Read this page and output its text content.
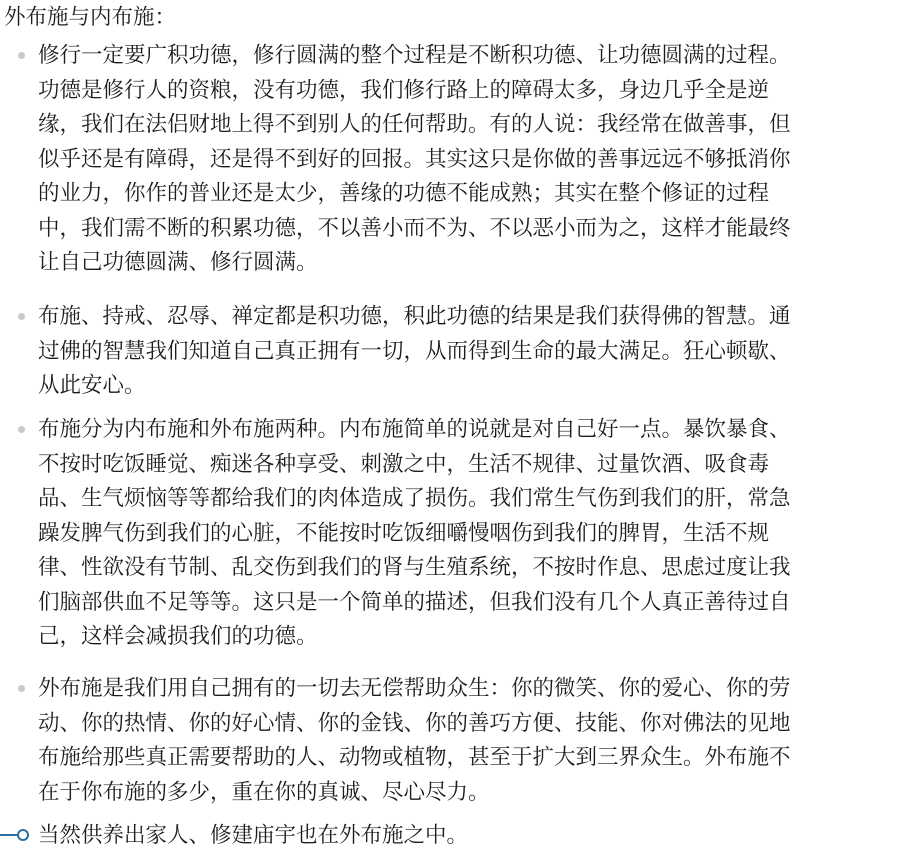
外布施与内布施：
修行一定要广积功德，修行圆满的整个过程是不断积功德、让功德圆满的过程。
功德是修行人的资粮，没有功德，我们修行路上的障碍太多，身边几乎全是逆
缘，我们在法侣财地上得不到别人的任何帮助。有的人说：我经常在做善事，但
似乎还是有障碍，还是得不到好的回报。其实这只是你做的善事远远不够抵消你
的业力，你作的普业还是太少，善缘的功德不能成熟；其实在整个修证的过程
中，我们需不断的积累功德，不以善小而不为、不以恶小而为之，这样才能最终
让自己功德圆满、修行圆满。
布施、持戒、忍辱、禅定都是积功德，积此功德的结果是我们获得佛的智慧。通
过佛的智慧我们知道自己真正拥有一切，从而得到生命的最大满足。狂心顿歇、
从此安心。
布施分为内布施和外布施两种。内布施简单的说就是对自己好一点。暴饮暴食、
不按时吃饭睡觉、痴迷各种享受、刺激之中，生活不规律、过量饮酒、吸食毒
品、生气烦恼等等都给我们的肉体造成了损伤。我们常生气伤到我们的肝，常急
躁发脾气伤到我们的心脏，不能按时吃饭细嚼慢咽伤到我们的脾胃，生活不规
律、性欲没有节制、乱交伤到我们的肾与生殖系统，不按时作息、思虑过度让我
们脑部供血不足等等。这只是一个简单的描述，但我们没有几个人真正善待过自
己，这样会减损我们的功德。
外布施是我们用自己拥有的一切去无偿帮助众生：你的微笑、你的爱心、你的劳
动、你的热情、你的好心情、你的金钱、你的善巧方便、技能、你对佛法的见地
布施给那些真正需要帮助的人、动物或植物，甚至于扩大到三界众生。外布施不
在于你布施的多少，重在你的真诚、尽心尽力。
当然供养出家人、修建庙宇也在外布施之中。
